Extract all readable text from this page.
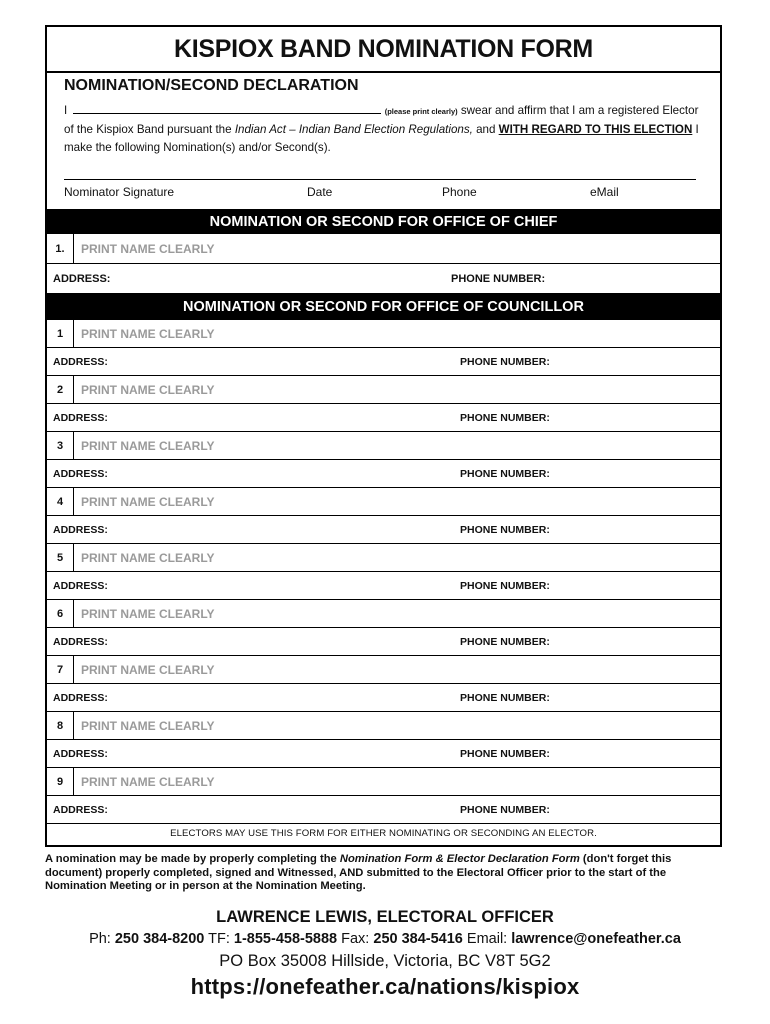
KISPIOX BAND NOMINATION FORM
NOMINATION/SECOND DECLARATION
I	(please print clearly) swear and affirm that I am a registered Elector of the Kispiox Band pursuant the Indian Act – Indian Band Election Regulations, and WITH REGARD TO THIS ELECTION I make the following Nomination(s) and/or Second(s).
Nominator Signature	Date	Phone	eMail
NOMINATION OR SECOND FOR OFFICE OF CHIEF
1.	PRINT NAME CLEARLY
ADDRESS:	PHONE NUMBER:
NOMINATION OR SECOND FOR OFFICE OF COUNCILLOR
1	PRINT NAME CLEARLY
ADDRESS:	PHONE NUMBER:
2	PRINT NAME CLEARLY
ADDRESS:	PHONE NUMBER:
3	PRINT NAME CLEARLY
ADDRESS:	PHONE NUMBER:
4	PRINT NAME CLEARLY
ADDRESS:	PHONE NUMBER:
5	PRINT NAME CLEARLY
ADDRESS:	PHONE NUMBER:
6	PRINT NAME CLEARLY
ADDRESS:	PHONE NUMBER:
7	PRINT NAME CLEARLY
ADDRESS:	PHONE NUMBER:
8	PRINT NAME CLEARLY
ADDRESS:	PHONE NUMBER:
9	PRINT NAME CLEARLY
ADDRESS:	PHONE NUMBER:
ELECTORS MAY USE THIS FORM FOR EITHER NOMINATING OR SECONDING AN ELECTOR.
A nomination may be made by properly completing the Nomination Form & Elector Declaration Form (don't forget this document) properly completed, signed and Witnessed, AND submitted to the Electoral Officer prior to the start of the Nomination Meeting or in person at the Nomination Meeting.
LAWRENCE LEWIS, ELECTORAL OFFICER
Ph: 250 384-8200 TF: 1-855-458-5888 Fax: 250 384-5416 Email: lawrence@onefeather.ca
PO Box 35008 Hillside, Victoria, BC V8T 5G2
https://onefeather.ca/nations/kispiox
